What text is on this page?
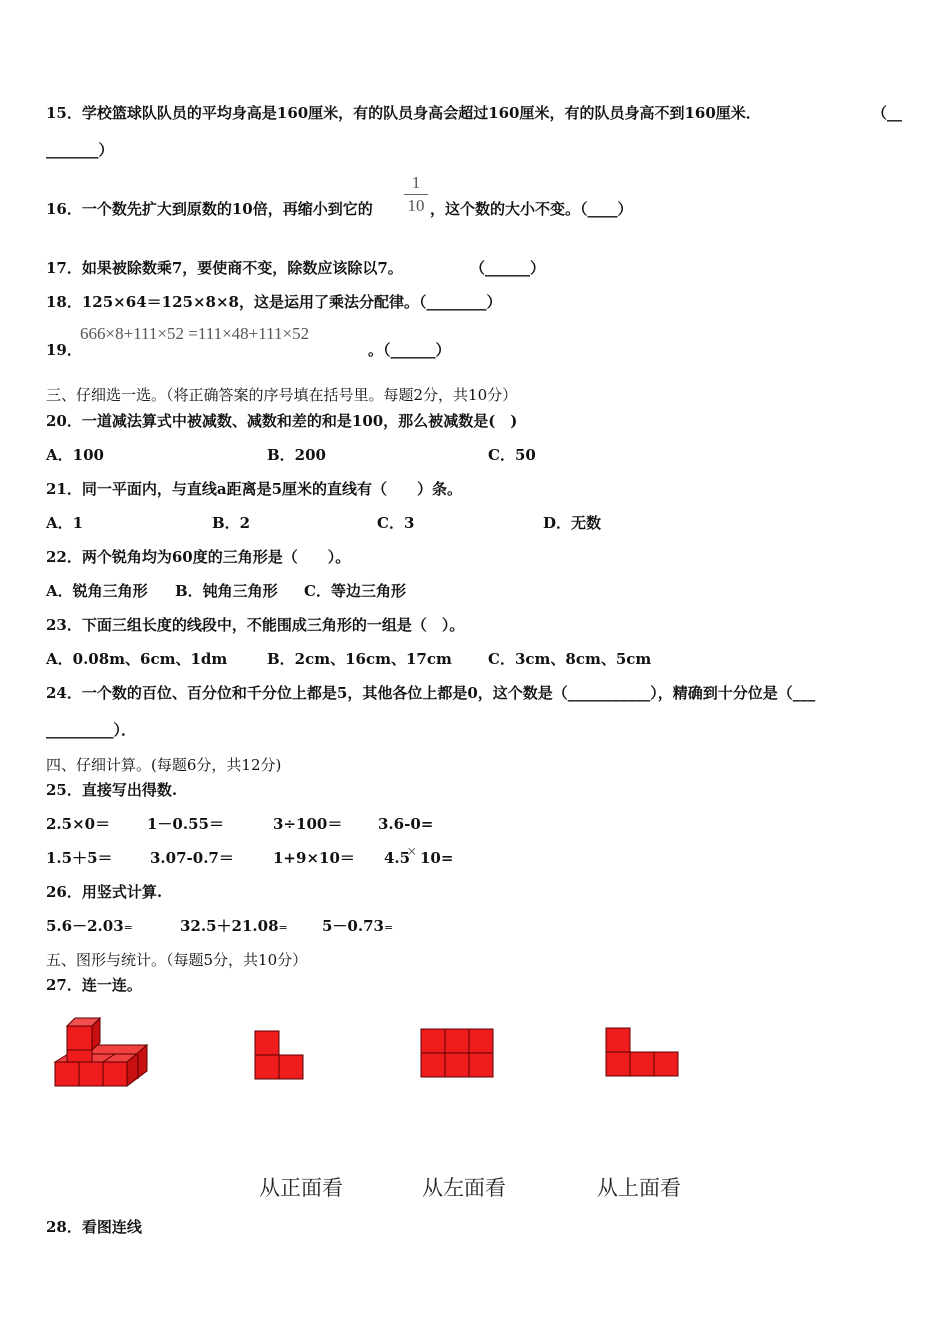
15．学校篮球队队员的平均身高是160厘米，有的队员身高会超过160厘米，有的队员身高不到160厘米．	（__
_______）
16．一个数先扩大到原数的10倍，再缩小到它的
1
10 ，这个数的大小不变。（____）
17．如果被除数乘7，要使商不变，除数应该除以7。	（______）
18．125×64＝125×8×8，这是运用了乘法分配律。（________）
19．
666×8+111×52 =111×48+111×52
。（______）
三、仔细选一选。（将正确答案的序号填在括号里。每题2分，共10分）
20．一道减法算式中被减数、减数和差的和是100，那么被减数是(　)
A．100	B．200	C．50
21．同一平面内，与直线a距离是5厘米的直线有（　　）条。
A．1	B．2	C．3	D．无数
22．两个锐角均为60度的三角形是（　　）。
A．锐角三角形 B．钝角三角形 C．等边三角形
23．下面三组长度的线段中，不能围成三角形的一组是（　）。
A．0.08m、6cm、1dm	B．2cm、16cm、17cm C．3cm、8cm、5cm
24．一个数的百位、百分位和千分位上都是5，其他各位上都是0，这个数是（___________），精确到十分位是（___
_________）．
四、仔细计算。(每题6分，共12分)
25．直接写出得数.
2.5×0＝ 1－0.55＝	3÷100＝ 3.6-0=
1.5＋5＝ 3.07-0.7＝	1+9×10＝ 4.5
× 10=
26．用竖式计算.
5.6－2.03=	32.5＋21.08= 5－0.73=
五、图形与统计。（每题5分，共10分）
27．连一连。
从正面看	从左面看	从上面看
28．看图连线
